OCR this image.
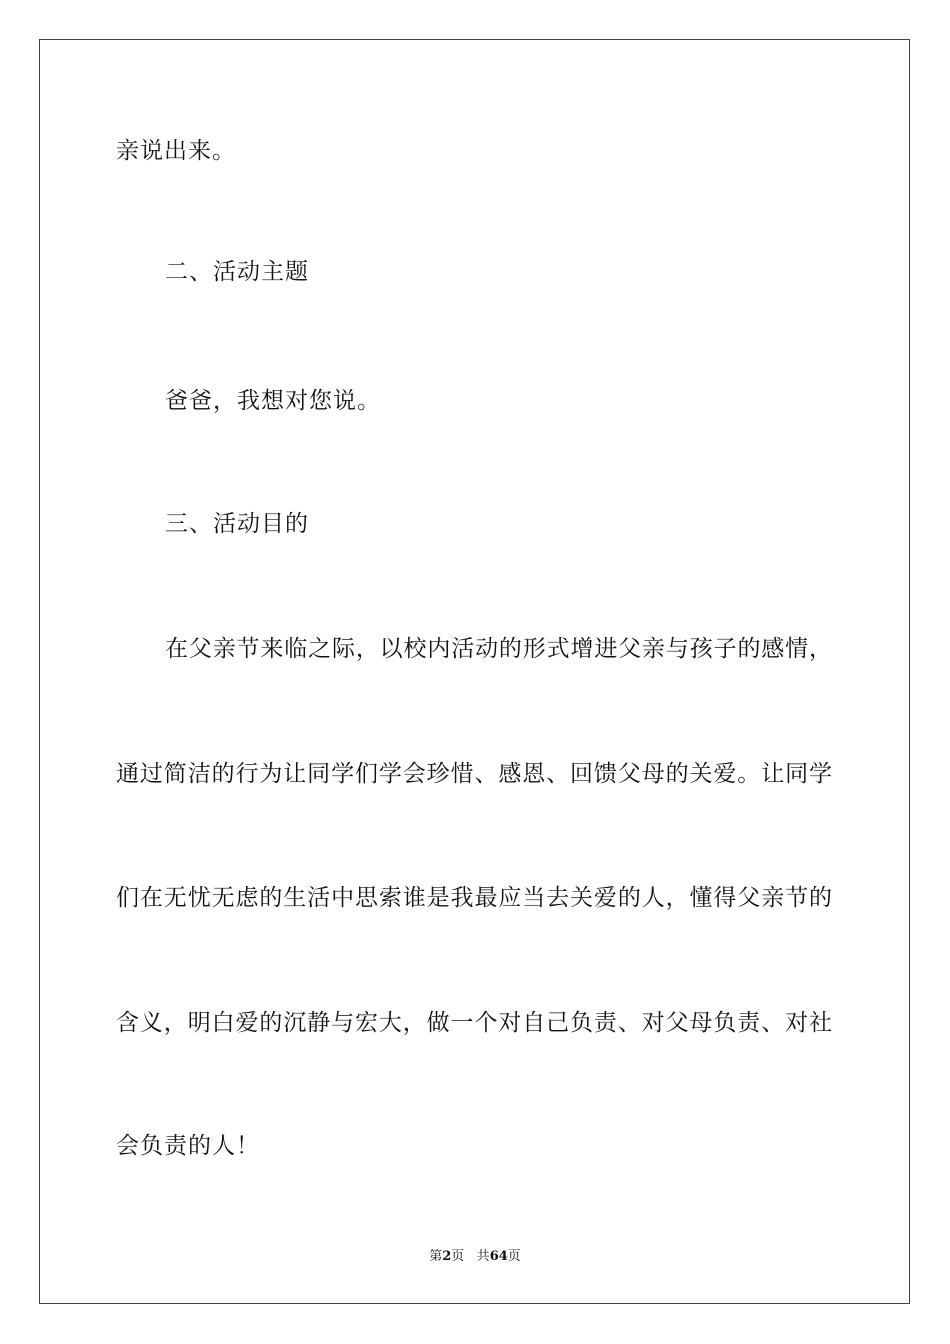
亲说出来。
二、活动主题
爸爸，我想对您说。
三、活动目的
在父亲节来临之际，以校内活动的形式增进父亲与孩子的感情，
通过简洁的行为让同学们学会珍惜、感恩、回馈父母的关爱。让同学
们在无忧无虑的生活中思索谁是我最应当去关爱的人，懂得父亲节的
含义，明白爱的沉静与宏大，做一个对自己负责、对父母负责、对社
会负责的人！
第2页 共64页
